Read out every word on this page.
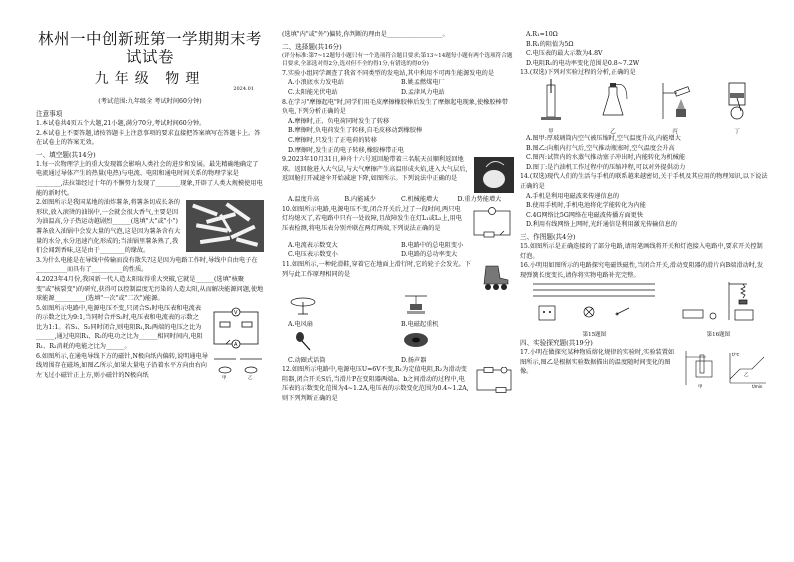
林州一中创新班第一学期期末考试试卷

九年级 物理

2024.01

(考试范围:九年级全 考试时间60分钟)

注意事项

1.本试卷共4页五个大题,21小题,满分70分,考试时间60分钟。

2.本试卷上不要答题,请按答题卡上注意事项的要求直接把答案填写在答题卡上。答在试卷上的答案无效。

一、填空题(共14分)

1.每一次物理学上的重大发现都会影响人类社会的进步和发展。最先精确地确定了电流通过导体产生的热量(电热)与电流、电阻和通电时间关系的物理学家是________,法拉第经过十年的不懈努力发现了________现象,开辟了人类大规模使用电能的新时代。

2.如图所示是我国某地的油炸薯条,将薯条切成长条的形状,放入滚烫的油锅中,一会就会很大香气,主要是因为油温高,分子热运动越剧烈______(选填"大"或"小")薯条放入油锅中会发大量的气泡,这是因为薯条含有大量的水分,水分迅速汽化形成的;当油锅里薯条熟了,我们会闻到香味,这是由于________的缘故。

3.为什么电能是在导线中传输而没有散失?这是因为电路工作时,导线中自由电子在__________而具有了__________的性质。

4.2023年4月份,我国新一代人造太阳取得重大突破,它就是______(选填"核聚变"或"核裂变")的研究,获得可以控制温度无污染的人造太阳,从而解决能源问题,使地球能源__________(选填"一次"或"二次")能源。

V
A

5.如图所示电路中,电源电压不变,只闭合S₁时电压表和电流表的示数之比为9:1,当同时合并S₂时,电压表和电流表的示数之比为1:1。若S₁、S₂同时闭合,则电阻R₁,R₂两端的电压之比为______,通过电阻R₁、R₂的电功之比为______相同时间内,电阻R₁、R₂消耗的电能之比为______。

甲	乙

6.如图所示,在通电导线下方的磁针,N极向纸内偏转,说明通电导线周围存在磁场,如图乙所示,如果大量电子沿着水平方向由右向左飞过小磁针正上方,则小磁针的N极向纸

(选填"内"或"外")偏转,你判断的理由是__________________。

二、选择题(共16分)

(评分标准:第7~12题每小题只有一个选项符合题目要求;第13~14题每小题有两个选项符合题目要求,全部选对得2分,选对但不全的得1分,有错选的得0分)

7.实验小组同学调查了我省不同类型的发电站,其中利用不可再生能源发电的是

A.小浪底水力发电站	B.姚孟燃煤电厂
C.太阳能光伏电站	D.孟津风力电站

8.在学习"摩擦起电"时,同学们用毛皮摩擦橡胶棒后发生了摩擦起电现象,使橡胶棒带负电,下列分析正确的是

A.摩擦时,正、负电荷同时发生了转移

B.摩擦时,负电荷发生了转移,自毛皮移动到橡胶棒

C.摩擦时,只发生了正电荷的转移

D.摩擦时,发生正的电子转移,橡胶棒带正电

9.2023年10月31日,神舟十六号返回舱带着三名航天员顺利返回地球。返回舱进入大气层,与大气摩擦产生高温形成火焰,进入大气层后,返回舱打开减速伞开始减速下降,如图所示。下列说法中正确的是

A.温度升高	B.内能减少	C.机械能增大	D.重力势能增大

10.如图所示电路,电源电压不变,闭合开关后,过了一段时间,两只电灯均熄灭了,若电路中只有一处故障,且故障发生在灯L₁或L₂上,用电压表检测,将电压表分别并联在两灯两端,下列说法正确的是

A.电流表示数变大	B.电路中的总电阻变小
C.电压表示数变小	D.电路的总功率变大

11.如图所示,一种轮滑鞋,穿着它在地面上滑行时,它的轮子会发光。下列与此工作原理相同的是

A.电风扇	B.电磁起重机

C.动圈式话筒	D.扬声器

12.如图所示电路中,电源电压U=6V不变,R₁为定值电阻,R₂为滑动变阻器,闭合开关S后,当滑片P在变阻器两端a、b之间滑动的过程中,电压表的示数变化范围为4~1.2A,电压表的示数变化范围为0.4~1.2A,则下列判断正确的是

A.R₁=10Ω

B.R₁的阻值为5Ω

C.电压表的最大示数为4.8V

D.电阻R₁的电功率变化范围是0.8~7.2W

13.(双选)下列对实验过程的分析,正确的是

甲	乙	丙	丁

A.图甲:厚玻璃筒内空气被压缩时,空气温度升高,内能增大

B.图乙:向瓶内打气后,空气推动瓶塞时,空气温度会升高

C.图丙:试管内的水蒸气推动塞子冲出时,内能转化为机械能

D.图丁:是汽油机工作过程中的压缩冲程,可以对外提供动力

14.(双选)现代人们的生活与手机的联系越来越密切,关于手机及其应用的物理知识,以下说法正确的是

A.手机是利用电磁波来传递信息的

B.使用手机时,手机电池将化学能转化为内能

C.4G网络比5G网络在电磁波传播方面更快

D.利用有线网络上网时,光纤通信是利用激光传输信息的

三、作图题(共4分)

15.如图所示是正确连接的了部分电路,请用笔画线将开关和灯泡接入电路中,要求开关控制灯泡。

16.小明用如图所示的电路探究电磁铁磁性,当闭合开关,滑动变阻器的滑片向B端滑动时,发现弹簧长度变长,请你将实物电路补充完整。

第15题图	第16题图

四、实验探究题(共19分)

t/℃
t/min
甲
乙

17.小明在做探究某种物质熔化规律的实验时,实验装置如图所示,图乙是根据实验数据描出的温度随时间变化的图像。
